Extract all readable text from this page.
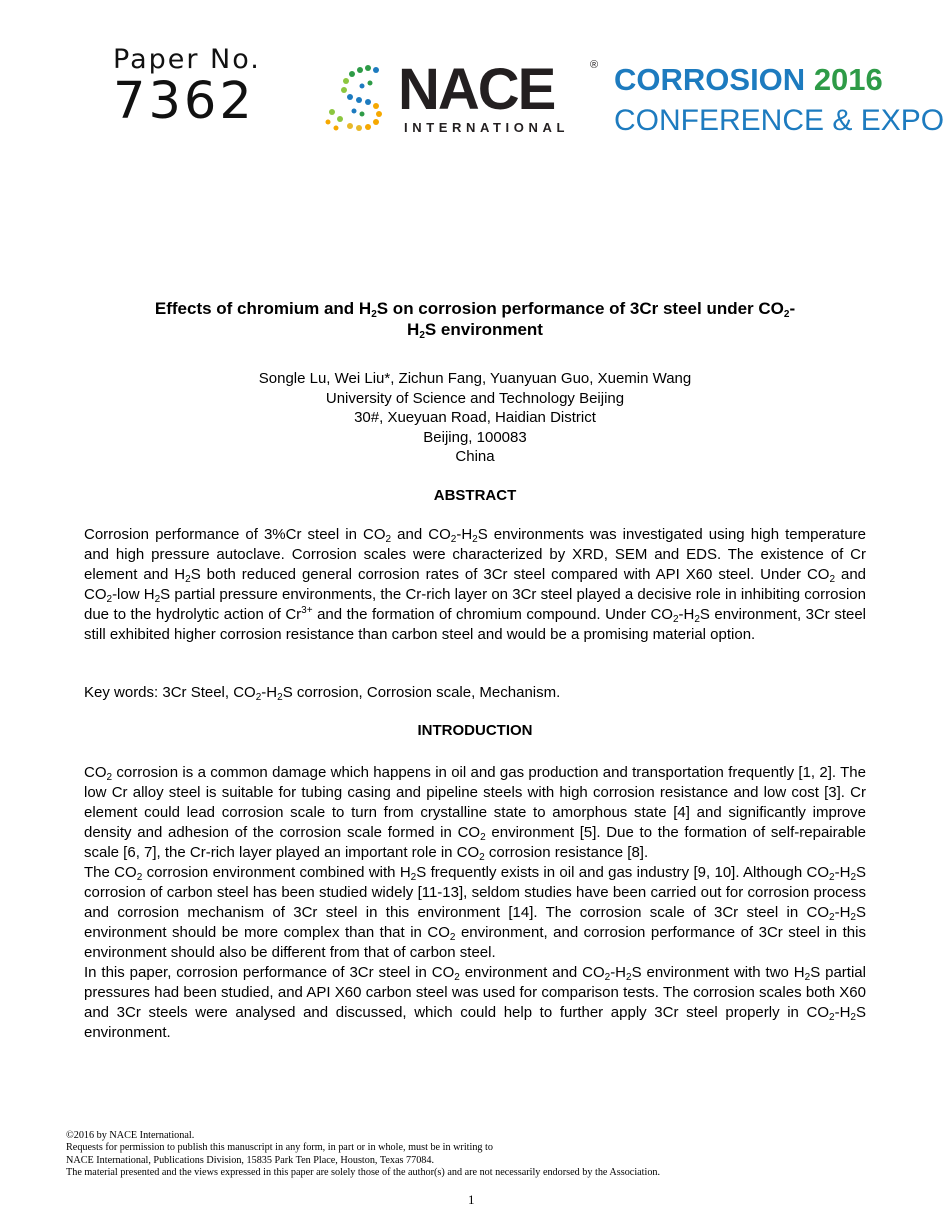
Paper No.
7362 NACE
INTERNATIONAL
® CORROSION 2016
CONFERENCE & EXPO
Effects of chromium and $H_2S$ on corrosion performance of 3Cr steel under $CO_2-$
$H_2S$ environment
Songle Lu, Wei Liu*, Zichun Fang, Yuanyuan Guo, Xuemin Wang
University of Science and Technology Beijing
30#, Xueyuan Road, Haidian District
Beijing, 100083
China
ABSTRACT

Corrosion performance of 3%Cr steel in $CO_2$ and $CO_2-H_2S$ environments was investigated using high temperature and high pressure autoclave. Corrosion scales were characterized by XRD, SEM and EDS. The existence of Cr element and $H_2S$ both reduced general corrosion rates of 3Cr steel compared with API X60 steel. Under $CO_2$ and $CO_2$-low $H_2S$ partial pressure environments, the Cr-rich layer on 3Cr steel played a decisive role in inhibiting corrosion due to the hydrolytic action of $Cr^{3+}$ and the formation of chromium compound. Under $CO_2-H_2S$ environment, 3Cr steel still exhibited higher corrosion resistance than carbon steel and would be a promising material option.

Key words: 3Cr Steel, $CO_2-H_2S$ corrosion, Corrosion scale, Mechanism.

INTRODUCTION

$CO_2$ corrosion is a common damage which happens in oil and gas production and transportation frequently [1, 2]. The low Cr alloy steel is suitable for tubing casing and pipeline steels with high corrosion resistance and low cost [3]. Cr element could lead corrosion scale to turn from crystalline state to amorphous state [4] and significantly improve density and adhesion of the corrosion scale formed in $CO_2$ environment [5]. Due to the formation of self-repairable scale [6, 7], the Cr-rich layer played an important role in $CO_2$ corrosion resistance [8].

The $CO_2$ corrosion environment combined with $H_2S$ frequently exists in oil and gas industry [9, 10]. Although $CO_2-H_2S$ corrosion of carbon steel has been studied widely [11-13], seldom studies have been carried out for corrosion process and corrosion mechanism of 3Cr steel in this environment [14]. The corrosion scale of 3Cr steel in $CO_2-H_2S$ environment should be more complex than that in $CO_2$ environment, and corrosion performance of 3Cr steel in this environment should also be different from that of carbon steel.

In this paper, corrosion performance of 3Cr steel in $CO_2$ environment and $CO_2-H_2S$ environment with two $H_2S$ partial pressures had been studied, and API X60 carbon steel was used for comparison tests. The corrosion scales both X60 and 3Cr steels were analysed and discussed, which could help to further apply 3Cr steel properly in $CO_2-H_2S$ environment.

©2016 by NACE International.
Requests for permission to publish this manuscript in any form, in part or in whole, must be in writing to
NACE International, Publications Division, 15835 Park Ten Place, Houston, Texas 77084.
The material presented and the views expressed in this paper are solely those of the author(s) and are not necessarily endorsed by the Association.
1
